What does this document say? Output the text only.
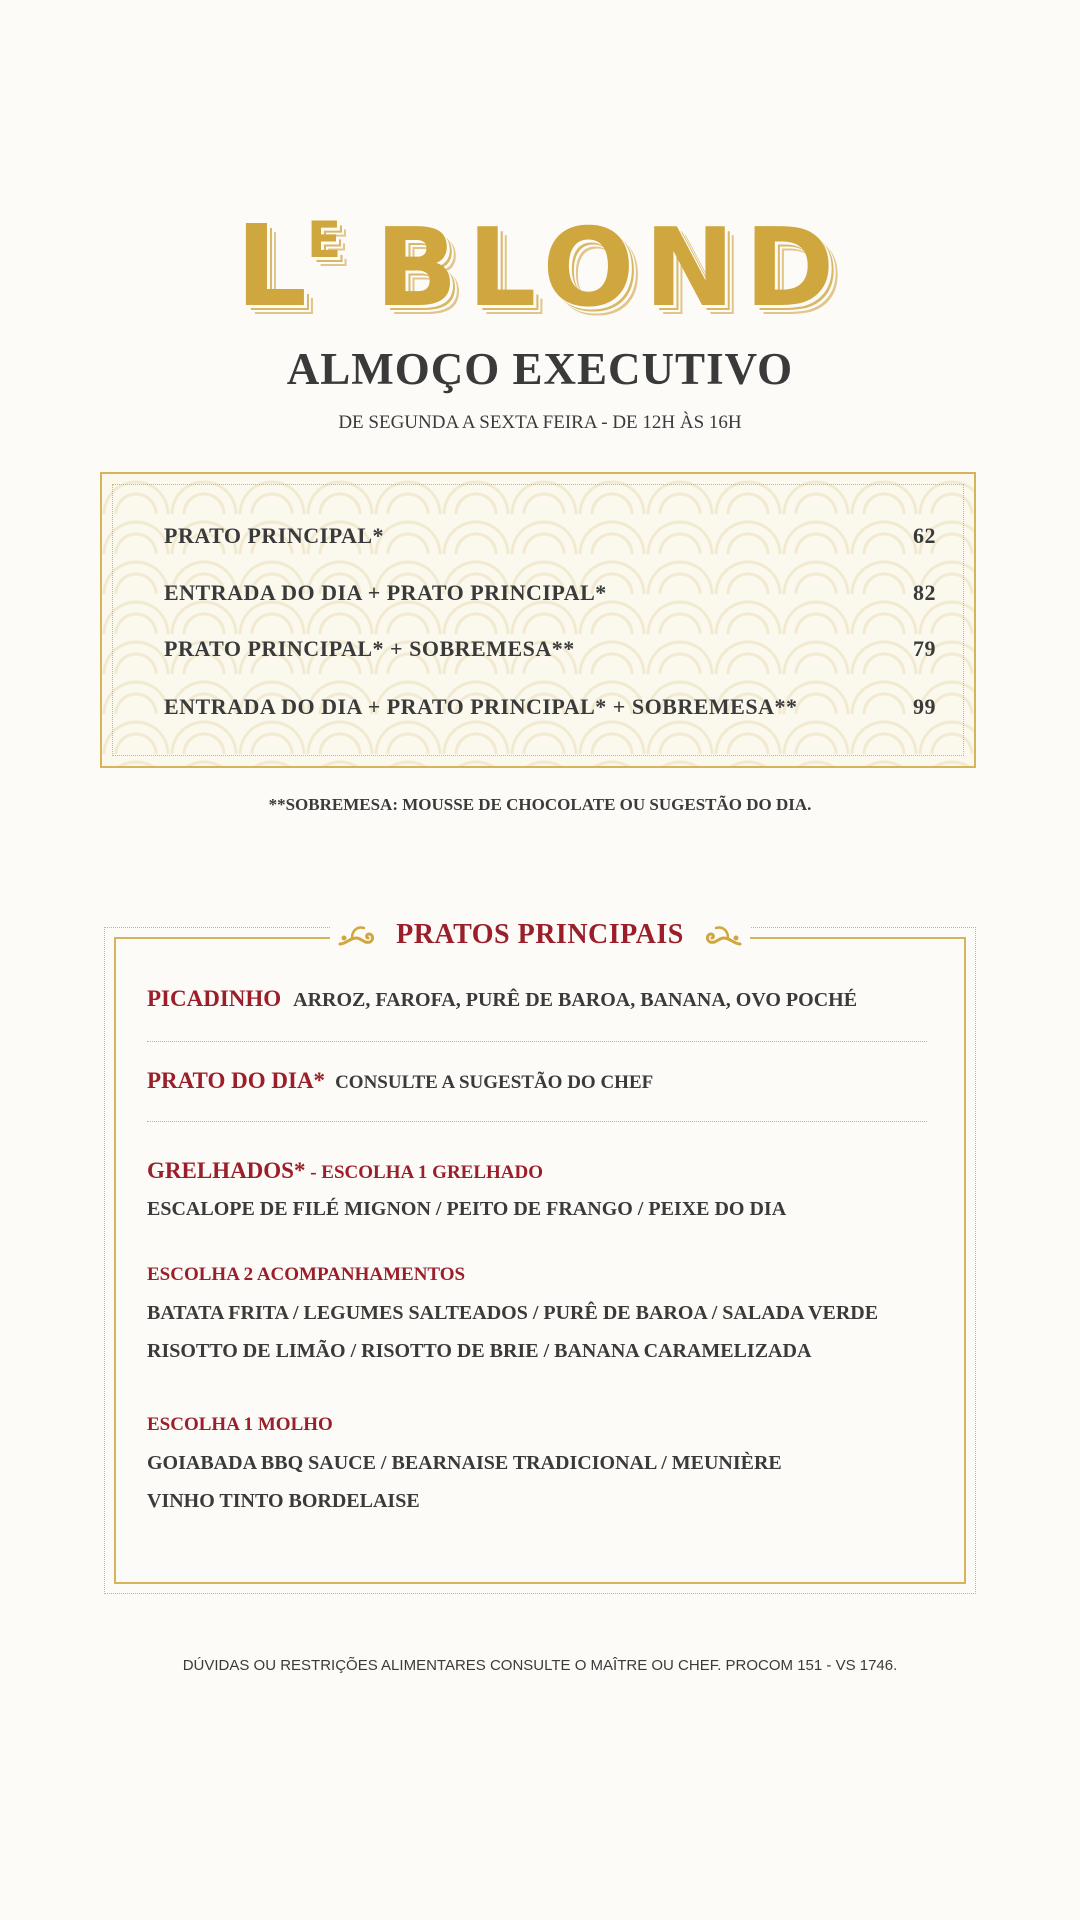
$L^E$ BLOND
ALMOÇO EXECUTIVO
DE SEGUNDA A SEXTA FEIRA - DE 12H ÀS 16H
PRATO PRINCIPAL*	62
ENTRADA DO DIA + PRATO PRINCIPAL*	82
PRATO PRINCIPAL* + SOBREMESA**	79
ENTRADA DO DIA + PRATO PRINCIPAL* + SOBREMESA**	99
**SOBREMESA: MOUSSE DE CHOCOLATE OU SUGESTÃO DO DIA.
PRATOS PRINCIPAIS
PICADINHO ARROZ, FAROFA, PURÊ DE BAROA, BANANA, OVO POCHÉ
PRATO DO DIA* CONSULTE A SUGESTÃO DO CHEF
GRELHADOS* - ESCOLHA 1 GRELHADO
ESCALOPE DE FILÉ MIGNON / PEITO DE FRANGO / PEIXE DO DIA
ESCOLHA 2 ACOMPANHAMENTOS
BATATA FRITA / LEGUMES SALTEADOS / PURÊ DE BAROA / SALADA VERDE
RISOTTO DE LIMÃO / RISOTTO DE BRIE / BANANA CARAMELIZADA
ESCOLHA 1 MOLHO
GOIABADA BBQ SAUCE / BEARNAISE TRADICIONAL / MEUNIÈRE
VINHO TINTO BORDELAISE
DÚVIDAS OU RESTRIÇÕES ALIMENTARES CONSULTE O MAÎTRE OU CHEF. PROCOM 151 - VS 1746.
